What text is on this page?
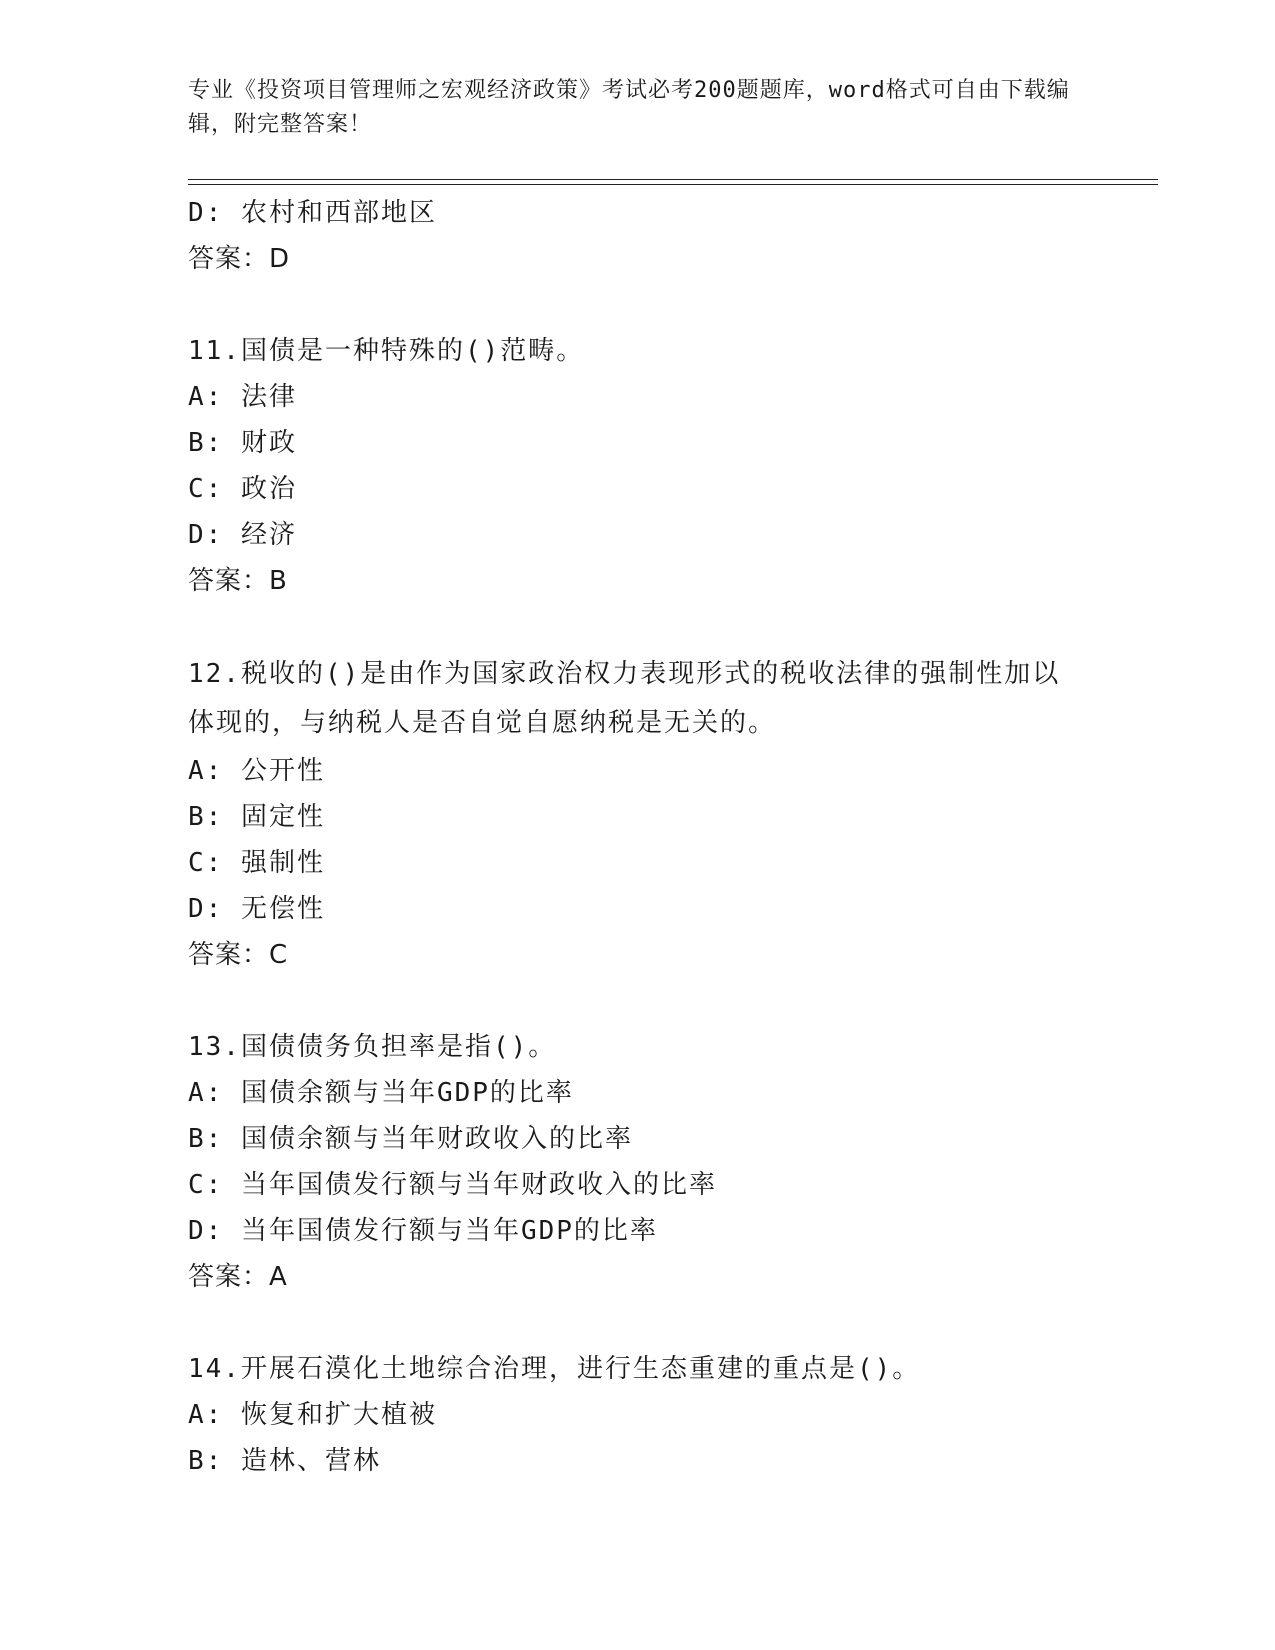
专业《投资项目管理师之宏观经济政策》考试必考200题题库，word格式可自由下载编辑，附完整答案！
D: 农村和西部地区
答案：D
11.国债是一种特殊的()范畴。
A: 法律
B: 财政
C: 政治
D: 经济
答案：B
12.税收的()是由作为国家政治权力表现形式的税收法律的强制性加以体现的，与纳税人是否自觉自愿纳税是无关的。
A: 公开性
B: 固定性
C: 强制性
D: 无偿性
答案：C
13.国债债务负担率是指()。
A: 国债余额与当年GDP的比率
B: 国债余额与当年财政收入的比率
C: 当年国债发行额与当年财政收入的比率
D: 当年国债发行额与当年GDP的比率
答案：A
14.开展石漠化土地综合治理，进行生态重建的重点是()。
A: 恢复和扩大植被
B: 造林、营林
